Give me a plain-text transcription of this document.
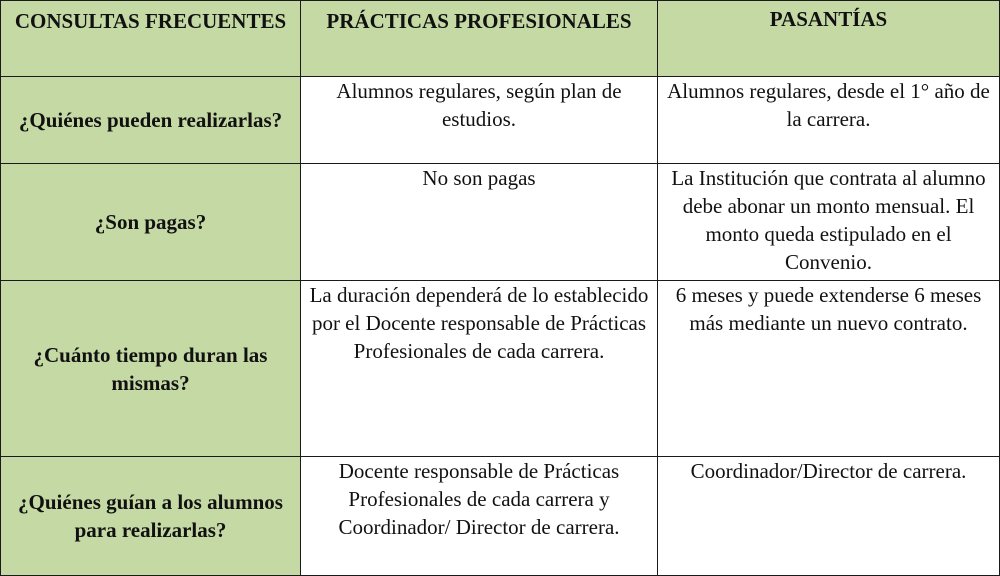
CONSULTAS FRECUENTES	PRÁCTICAS PROFESIONALES	PASANTÍAS
¿Quiénes pueden realizarlas?	Alumnos regulares, según plan de estudios.	Alumnos regulares, desde el 1° año de la carrera.
¿Son pagas?	No son pagas	La Institución que contrata al alumno debe abonar un monto mensual. El monto queda estipulado en el Convenio.
¿Cuánto tiempo duran las mismas?	La duración dependerá de lo establecido por el Docente responsable de Prácticas Profesionales de cada carrera.	6 meses y puede extenderse 6 meses más mediante un nuevo contrato.
¿Quiénes guían a los alumnos para realizarlas?	Docente responsable de Prácticas Profesionales de cada carrera y Coordinador/ Director de carrera.	Coordinador/Director de carrera.
